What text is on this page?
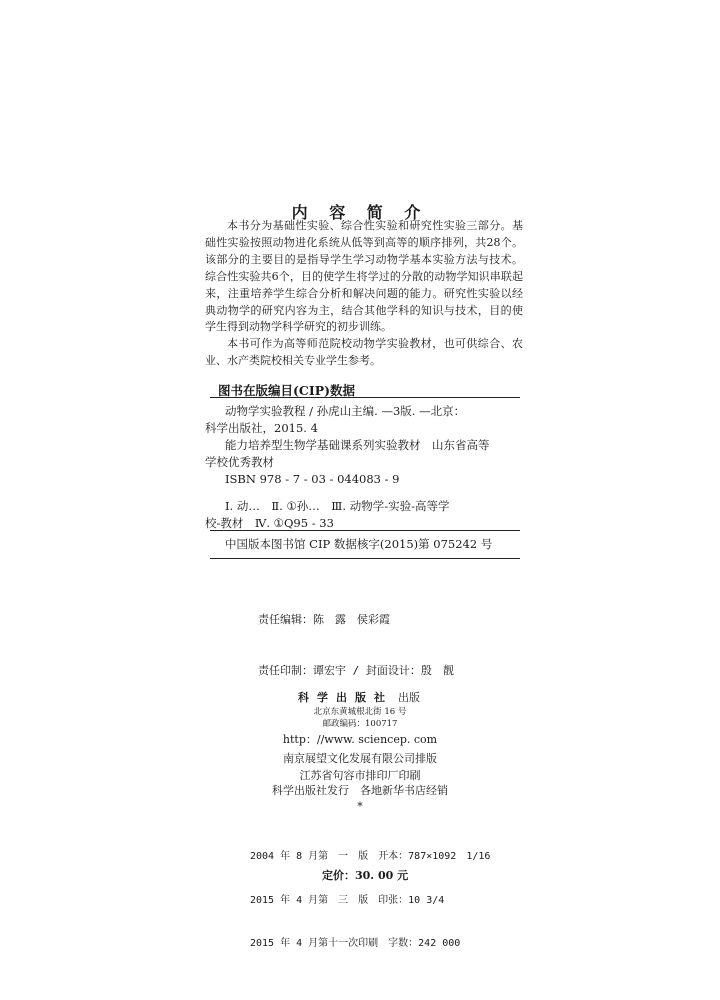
内 容 简 介

本书分为基础性实验、综合性实验和研究性实验三部分。基础性实验按照动物进化系统从低等到高等的顺序排列，共28个。该部分的主要目的是指导学生学习动物学基本实验方法与技术。综合性实验共6个，目的使学生将学过的分散的动物学知识串联起来，注重培养学生综合分析和解决问题的能力。研究性实验以经典动物学的研究内容为主，结合其他学科的知识与技术，目的使学生得到动物学科学研究的初步训练。

本书可作为高等师范院校动物学实验教材，也可供综合、农业、水产类院校相关专业学生参考。

图书在版编目(CIP)数据
动物学实验教程 / 孙虎山主编. —3版. —北京：
科学出版社，2015. 4
能力培养型生物学基础课系列实验教材　山东省高等
学校优秀教材
ISBN 978 - 7 - 03 - 044083 - 9
Ⅰ. 动…　Ⅱ. ①孙…　Ⅲ. 动物学-实验-高等学
校-教材　Ⅳ. ①Q95 - 33
中国版本图书馆 CIP 数据核字(2015)第 075242 号

责任编辑：陈　露　侯彩霞

责任印制：谭宏宇 / 封面设计：殷　靓

科学出版社 出版
北京东黄城根北街 16 号
邮政编码：100717
http：//www. sciencep. com
南京展望文化发展有限公司排版
江苏省句容市排印厂印刷
科学出版社发行　各地新华书店经销
*

2004 年 8 月第　一　版　开本：787×1092　1/16

2015 年 4 月第　三　版　印张：10 3/4

2015 年 4 月第十一次印刷　字数：242 000

定价：30. 00 元
